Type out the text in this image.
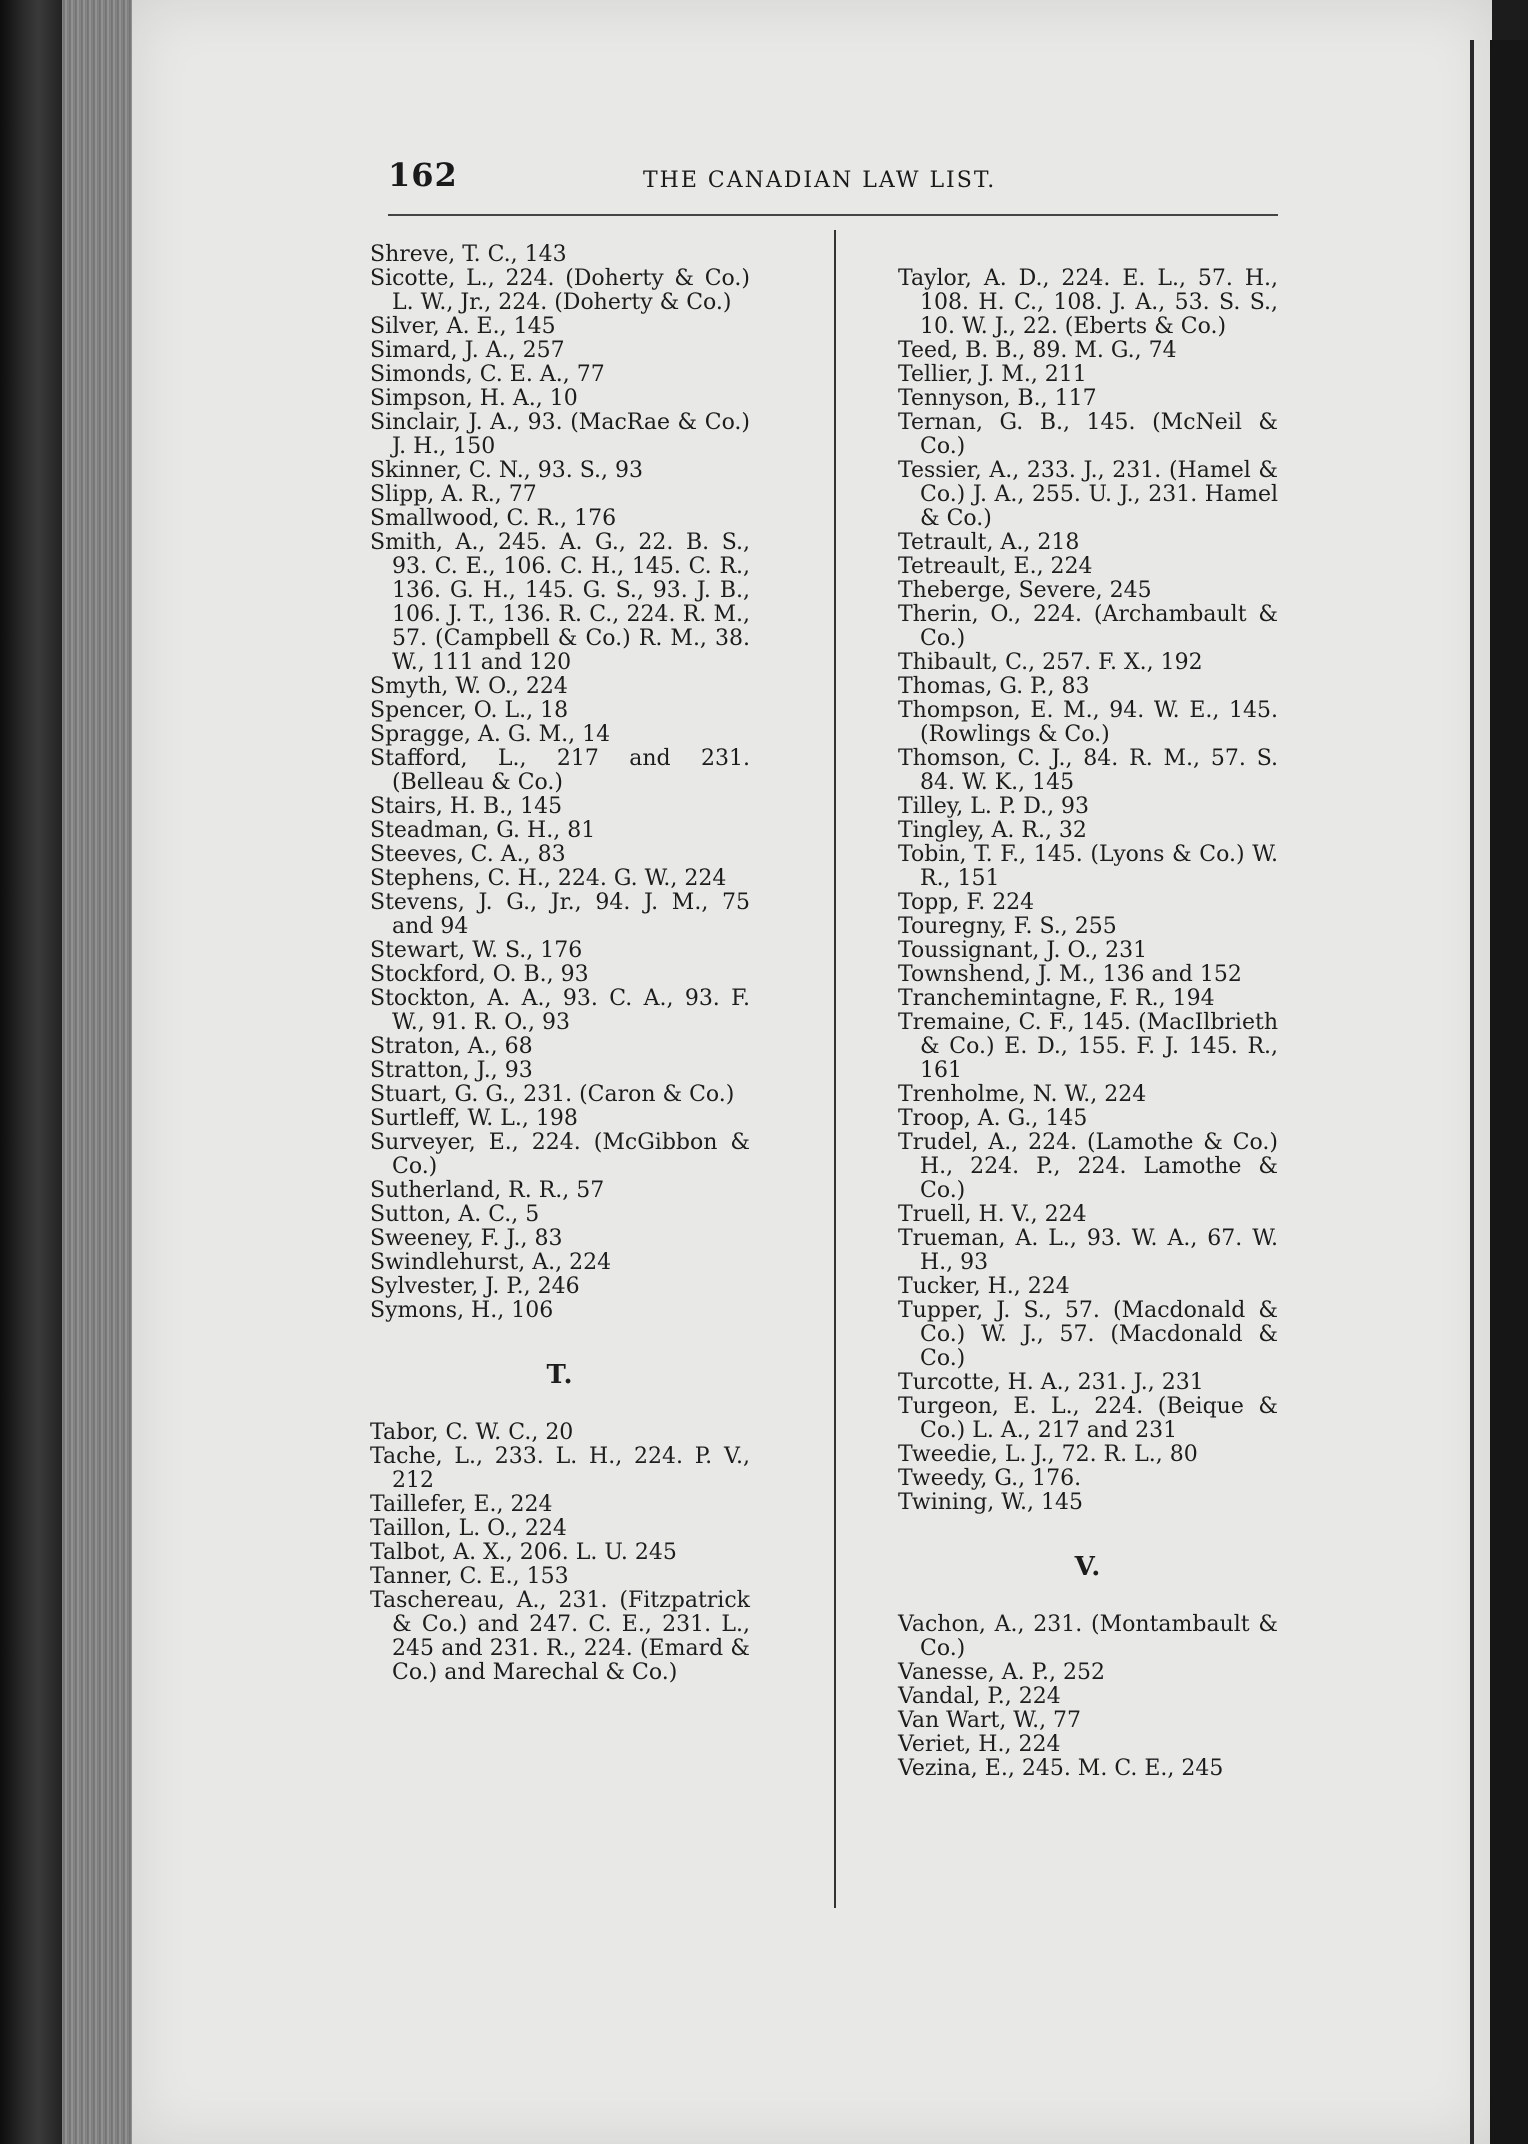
162	THE CANADIAN LAW LIST.

Shreve, T. C., 143

Sicotte, L., 224. (Doherty & Co.) L. W., Jr., 224. (Doherty & Co.)

Silver, A. E., 145

Simard, J. A., 257

Simonds, C. E. A., 77

Simpson, H. A., 10

Sinclair, J. A., 93. (MacRae & Co.) J. H., 150

Skinner, C. N., 93. S., 93

Slipp, A. R., 77

Smallwood, C. R., 176

Smith, A., 245. A. G., 22. B. S., 93. C. E., 106. C. H., 145. C. R., 136. G. H., 145. G. S., 93. J. B., 106. J. T., 136. R. C., 224. R. M., 57. (Campbell & Co.) R. M., 38. W., 111 and 120

Smyth, W. O., 224

Spencer, O. L., 18

Spragge, A. G. M., 14

Stafford, L., 217 and 231. (Belleau & Co.)

Stairs, H. B., 145

Steadman, G. H., 81

Steeves, C. A., 83

Stephens, C. H., 224. G. W., 224

Stevens, J. G., Jr., 94. J. M., 75 and 94

Stewart, W. S., 176

Stockford, O. B., 93

Stockton, A. A., 93. C. A., 93. F. W., 91. R. O., 93

Straton, A., 68

Stratton, J., 93

Stuart, G. G., 231. (Caron & Co.)

Surtleff, W. L., 198

Surveyer, E., 224. (McGibbon & Co.)

Sutherland, R. R., 57

Sutton, A. C., 5

Sweeney, F. J., 83

Swindlehurst, A., 224

Sylvester, J. P., 246

Symons, H., 106

T.

Tabor, C. W. C., 20

Tache, L., 233. L. H., 224. P. V., 212

Taillefer, E., 224

Taillon, L. O., 224

Talbot, A. X., 206. L. U. 245

Tanner, C. E., 153

Taschereau, A., 231. (Fitzpatrick & Co.) and 247. C. E., 231. L., 245 and 231. R., 224. (Emard & Co.) and Marechal & Co.)

Taylor, A. D., 224. E. L., 57. H., 108. H. C., 108. J. A., 53. S. S., 10. W. J., 22. (Eberts & Co.)

Teed, B. B., 89. M. G., 74

Tellier, J. M., 211

Tennyson, B., 117

Ternan, G. B., 145. (McNeil & Co.)

Tessier, A., 233. J., 231. (Hamel & Co.) J. A., 255. U. J., 231. Hamel & Co.)

Tetrault, A., 218

Tetreault, E., 224

Theberge, Severe, 245

Therin, O., 224. (Archambault & Co.)

Thibault, C., 257. F. X., 192

Thomas, G. P., 83

Thompson, E. M., 94. W. E., 145. (Rowlings & Co.)

Thomson, C. J., 84. R. M., 57. S. 84. W. K., 145

Tilley, L. P. D., 93

Tingley, A. R., 32

Tobin, T. F., 145. (Lyons & Co.) W. R., 151

Topp, F. 224

Touregny, F. S., 255

Toussignant, J. O., 231

Townshend, J. M., 136 and 152

Tranchemintagne, F. R., 194

Tremaine, C. F., 145. (MacIlbrieth & Co.) E. D., 155. F. J. 145. R., 161

Trenholme, N. W., 224

Troop, A. G., 145

Trudel, A., 224. (Lamothe & Co.) H., 224. P., 224. Lamothe & Co.)

Truell, H. V., 224

Trueman, A. L., 93. W. A., 67. W. H., 93

Tucker, H., 224

Tupper, J. S., 57. (Macdonald & Co.) W. J., 57. (Macdonald & Co.)

Turcotte, H. A., 231. J., 231

Turgeon, E. L., 224. (Beique & Co.) L. A., 217 and 231

Tweedie, L. J., 72. R. L., 80

Tweedy, G., 176.

Twining, W., 145

V.

Vachon, A., 231. (Montambault & Co.)

Vanesse, A. P., 252

Vandal, P., 224

Van Wart, W., 77

Veriet, H., 224

Vezina, E., 245. M. C. E., 245
